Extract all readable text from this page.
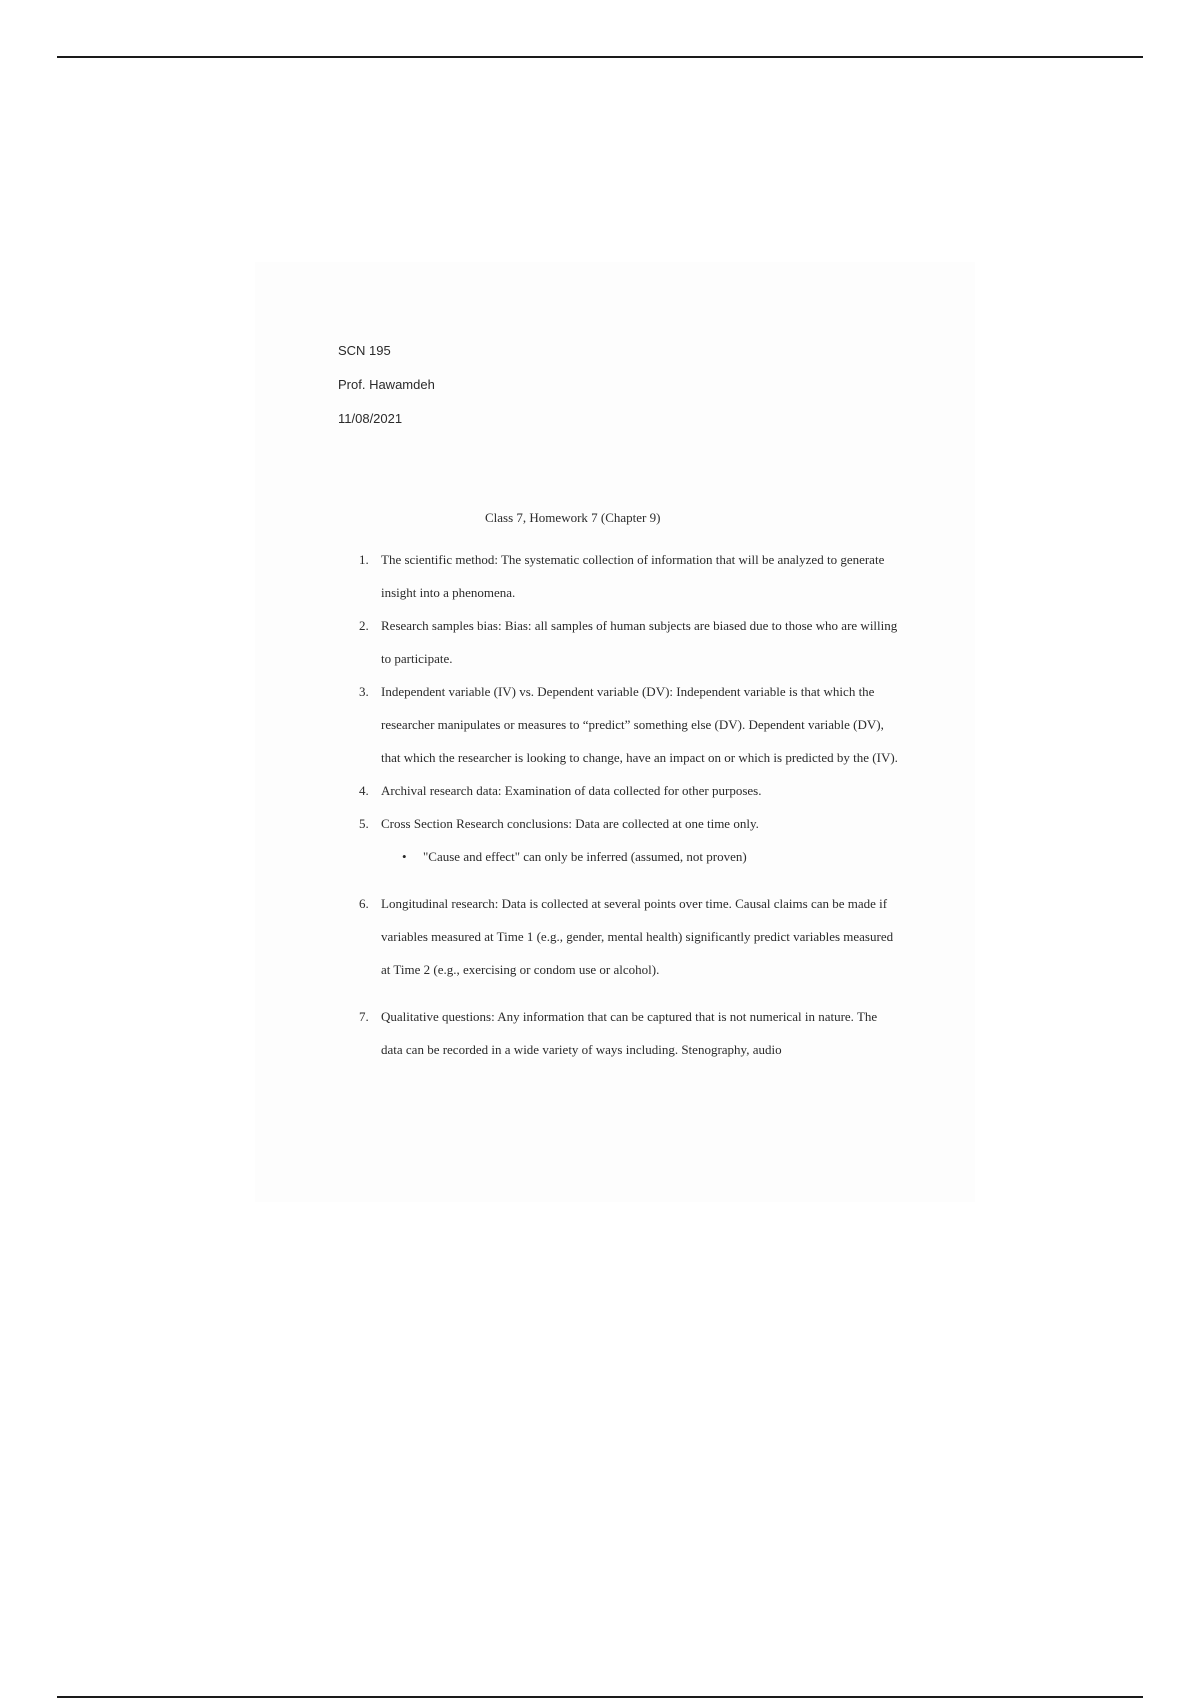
SCN 195
Prof. Hawamdeh
11/08/2021
Class 7, Homework 7 (Chapter 9)
1. The scientific method: The systematic collection of information that will be analyzed to generate insight into a phenomena.
2. Research samples bias: Bias: all samples of human subjects are biased due to those who are willing to participate.
3. Independent variable (IV) vs. Dependent variable (DV): Independent variable is that which the researcher manipulates or measures to “predict” something else (DV). Dependent variable (DV), that which the researcher is looking to change, have an impact on or which is predicted by the (IV).
4. Archival research data: Examination of data collected for other purposes.
5. Cross Section Research conclusions: Data are collected at one time only.
• "Cause and effect" can only be inferred (assumed, not proven)
6. Longitudinal research: Data is collected at several points over time. Causal claims can be made if variables measured at Time 1 (e.g., gender, mental health) significantly predict variables measured at Time 2 (e.g., exercising or condom use or alcohol).
7. Qualitative questions: Any information that can be captured that is not numerical in nature. The data can be recorded in a wide variety of ways including. Stenography, audio
